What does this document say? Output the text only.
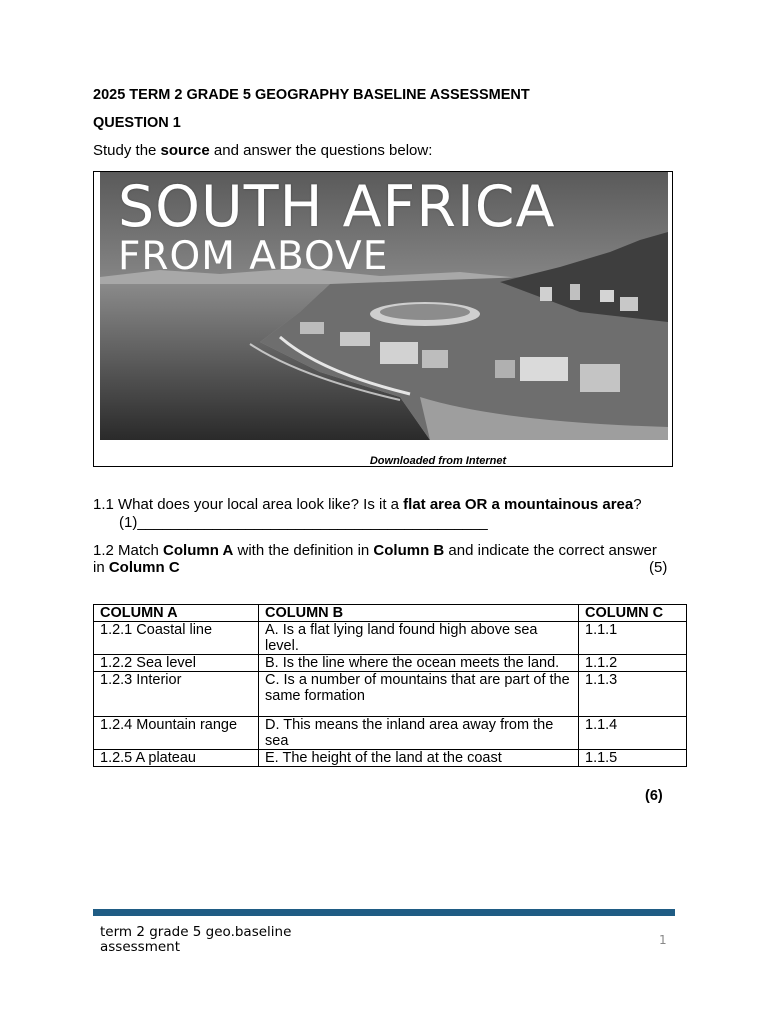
2025 TERM 2 GRADE 5 GEOGRAPHY BASELINE ASSESSMENT
QUESTION 1
Study the source and answer the questions below:
SOUTH AFRICA
FROM ABOVE
Downloaded from Internet
1.1 What does your local area look like? Is it a flat area OR a mountainous area?
(1)__________________________________________
1.2 Match Column A with the definition in Column B and indicate the correct answer in Column C	(5)
COLUMN A	COLUMN B	COLUMN C
1.2.1 Coastal line	A. Is a flat lying land found high above sea level.	1.1.1
1.2.2 Sea level	B. Is the line where the ocean meets the land.	1.1.2
1.2.3 Interior	C. Is a number of mountains that are part of the same formation	1.1.3
1.2.4 Mountain range	D. This means the inland area away from the sea	1.1.4
1.2.5 A plateau	E. The height of the land at the coast	1.1.5
(6)
term 2 grade 5 geo.baseline assessment	1
